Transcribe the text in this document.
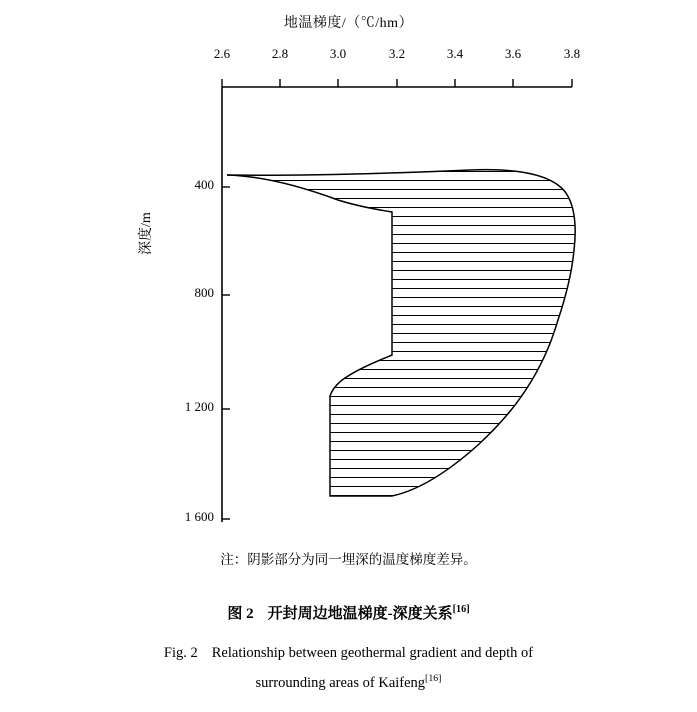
地温梯度/（℃/hm）
深度/m
2.6	2.8	3.0	3.2	3.4	3.6	3.8
400
800
1 200
1 600
注：阴影部分为同一埋深的温度梯度差异。
图 2 开封周边地温梯度-深度关系[16]
Fig. 2 Relationship between geothermal gradient and depth of
surrounding areas of Kaifeng[16]
